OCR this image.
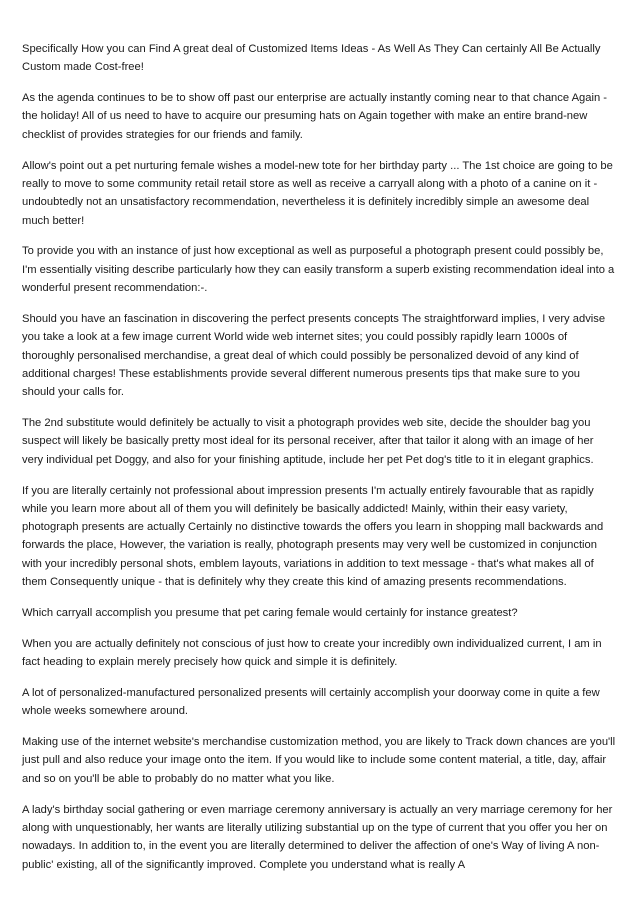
Specifically How you can Find A great deal of Customized Items Ideas - As Well As They Can certainly All Be Actually Custom made Cost-free!

As the agenda continues to be to show off past our enterprise are actually instantly coming near to that chance Again - the holiday! All of us need to have to acquire our presuming hats on Again together with make an entire brand-new checklist of provides strategies for our friends and family.

Allow's point out a pet nurturing female wishes a model-new tote for her birthday party ... The 1st choice are going to be really to move to some community retail retail store as well as receive a carryall along with a photo of a canine on it - undoubtedly not an unsatisfactory recommendation, nevertheless it is definitely incredibly simple an awesome deal much better!

To provide you with an instance of just how exceptional as well as purposeful a photograph present could possibly be, I'm essentially visiting describe particularly how they can easily transform a superb existing recommendation ideal into a wonderful present recommendation:-.

Should you have an fascination in discovering the perfect presents concepts The straightforward implies, I very advise you take a look at a few image current World wide web internet sites; you could possibly rapidly learn 1000s of thoroughly personalised merchandise, a great deal of which could possibly be personalized devoid of any kind of additional charges! These establishments provide several different numerous presents tips that make sure to you should your calls for.

The 2nd substitute would definitely be actually to visit a photograph provides web site, decide the shoulder bag you suspect will likely be basically pretty most ideal for its personal receiver, after that tailor it along with an image of her very individual pet Doggy, and also for your finishing aptitude, include her pet Pet dog's title to it in elegant graphics.

If you are literally certainly not professional about impression presents I'm actually entirely favourable that as rapidly while you learn more about all of them you will definitely be basically addicted! Mainly, within their easy variety, photograph presents are actually Certainly no distinctive towards the offers you learn in shopping mall backwards and forwards the place, However, the variation is really, photograph presents may very well be customized in conjunction with your incredibly personal shots, emblem layouts, variations in addition to text message - that's what makes all of them Consequently unique - that is definitely why they create this kind of amazing presents recommendations.

Which carryall accomplish you presume that pet caring female would certainly for instance greatest?

When you are actually definitely not conscious of just how to create your incredibly own individualized current, I am in fact heading to explain merely precisely how quick and simple it is definitely.

A lot of personalized-manufactured personalized presents will certainly accomplish your doorway come in quite a few whole weeks somewhere around.

Making use of the internet website's merchandise customization method, you are likely to Track down chances are you'll just pull and also reduce your image onto the item. If you would like to include some content material, a title, day, affair and so on you'll be able to probably do no matter what you like.

A lady's birthday social gathering or even marriage ceremony anniversary is actually an very marriage ceremony for her along with unquestionably, her wants are literally utilizing substantial up on the type of current that you offer you her on nowadays. In addition to, in the event you are literally determined to deliver the affection of one's Way of living A non-public' existing, all of the significantly improved. Complete you understand what is really A
